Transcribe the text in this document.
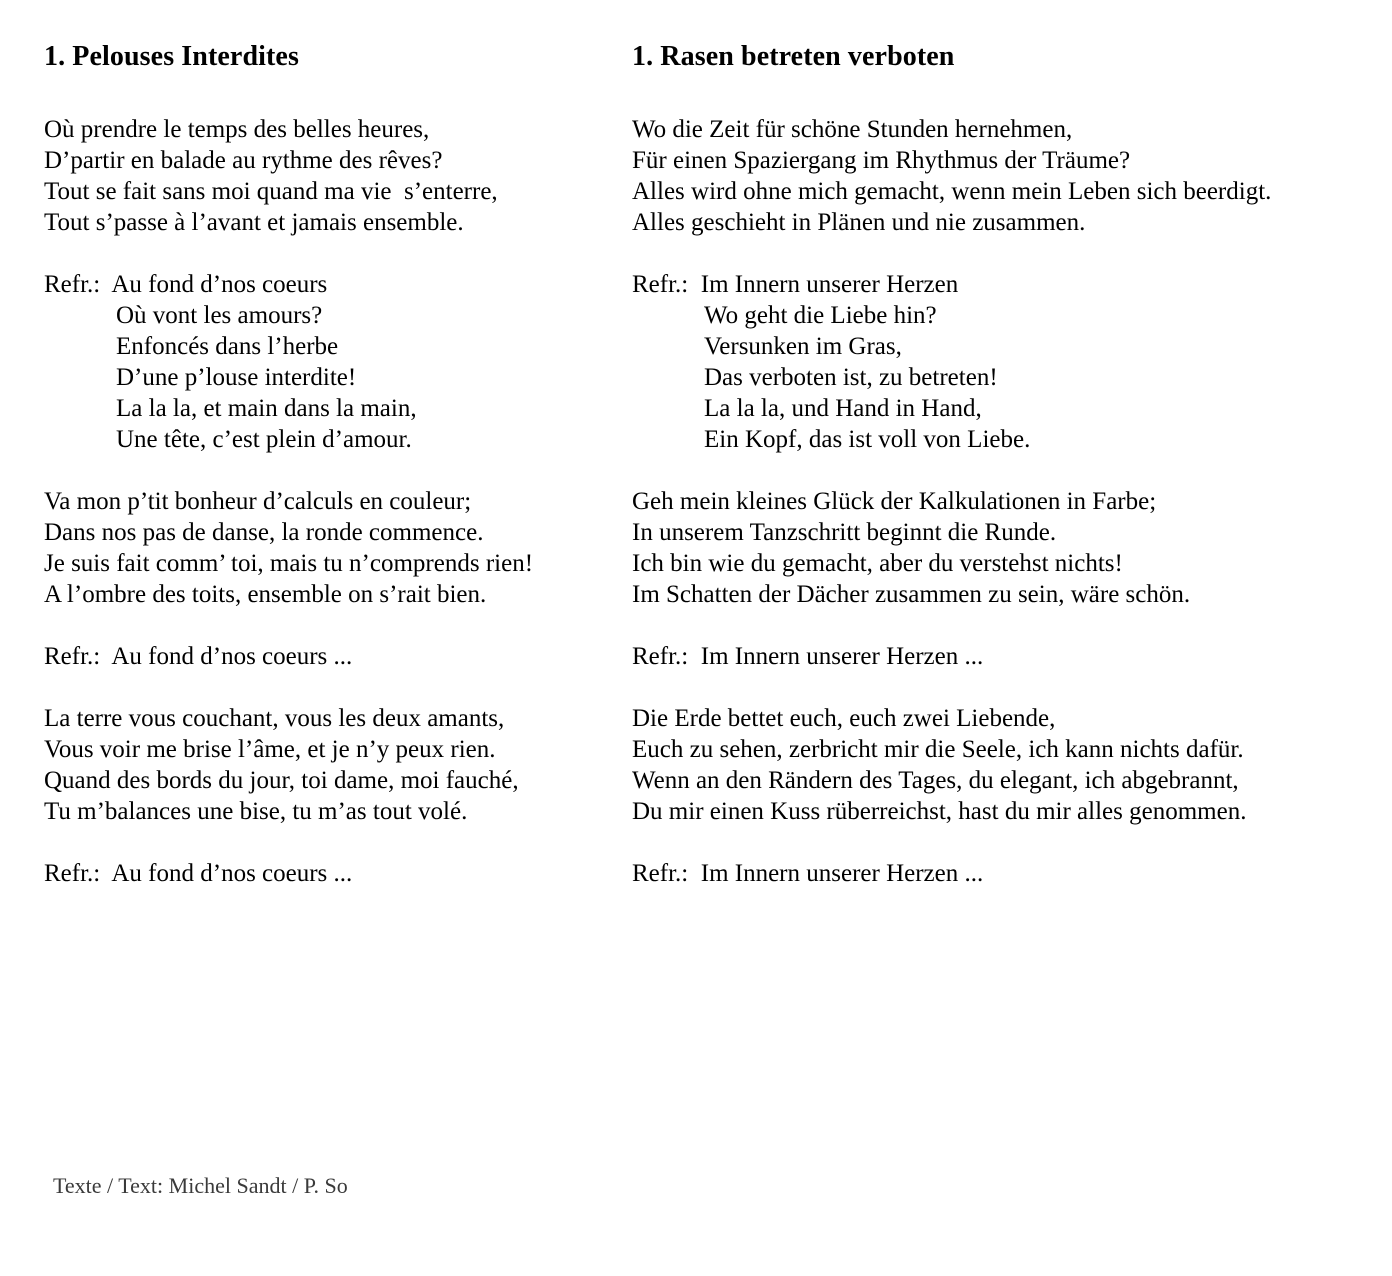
1. Pelouses Interdites

Où prendre le temps des belles heures,

D’partir en balade au rythme des rêves?

Tout se fait sans moi quand ma vie  s’enterre,

Tout s’passe à l’avant et jamais ensemble.

Refr.:  Au fond d’nos coeurs

Où vont les amours?

Enfoncés dans l’herbe

D’une p’louse interdite!

La la la, et main dans la main,

Une tête, c’est plein d’amour.

Va mon p’tit bonheur d’calculs en couleur;

Dans nos pas de danse, la ronde commence.

Je suis fait comm’ toi, mais tu n’comprends rien!

A l’ombre des toits, ensemble on s’rait bien.

Refr.:  Au fond d’nos coeurs ...

La terre vous couchant, vous les deux amants,

Vous voir me brise l’âme, et je n’y peux rien.

Quand des bords du jour, toi dame, moi fauché,

Tu m’balances une bise, tu m’as tout volé.

Refr.:  Au fond d’nos coeurs ...

1. Rasen betreten verboten

Wo die Zeit für schöne Stunden hernehmen,

Für einen Spaziergang im Rhythmus der Träume?

Alles wird ohne mich gemacht, wenn mein Leben sich beerdigt.

Alles geschieht in Plänen und nie zusammen.

Refr.:  Im Innern unserer Herzen

Wo geht die Liebe hin?

Versunken im Gras,

Das verboten ist, zu betreten!

La la la, und Hand in Hand,

Ein Kopf, das ist voll von Liebe.

Geh mein kleines Glück der Kalkulationen in Farbe;

In unserem Tanzschritt beginnt die Runde.

Ich bin wie du gemacht, aber du verstehst nichts!

Im Schatten der Dächer zusammen zu sein, wäre schön.

Refr.:  Im Innern unserer Herzen ...

Die Erde bettet euch, euch zwei Liebende,

Euch zu sehen, zerbricht mir die Seele, ich kann nichts dafür.

Wenn an den Rändern des Tages, du elegant, ich abgebrannt,

Du mir einen Kuss rüberreichst, hast du mir alles genommen.

Refr.:  Im Innern unserer Herzen ...

Texte / Text: Michel Sandt / P. So
